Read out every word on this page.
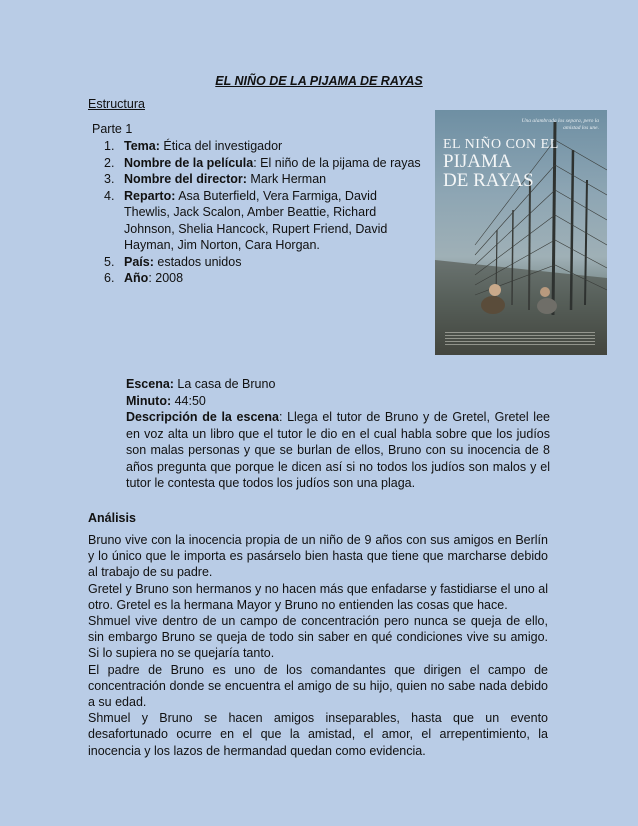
EL NIÑO DE LA PIJAMA DE RAYAS
Estructura
Parte 1
1. Tema: Ética del investigador
2. Nombre de la película: El niño de la pijama de rayas
3. Nombre del director: Mark Herman
4. Reparto: Asa Buterfield, Vera Farmiga, David Thewlis, Jack Scalon, Amber Beattie, Richard Johnson, Shelia Hancock, Rupert Friend, David Hayman, Jim Norton, Cara Horgan.
5. País: estados unidos
6. Año: 2008
Una alambrada los separa, pero la amistad los une.
EL NIÑO CON EL
PIJAMA
DE RAYAS
Escena: La casa de Bruno
Minuto: 44:50
Descripción de la escena: Llega el tutor de Bruno y de Gretel, Gretel lee en voz alta un libro que el tutor le dio en el cual habla sobre que los judíos son malas personas y que se burlan de ellos, Bruno con su inocencia de 8 años pregunta que porque le dicen así si no todos los judíos son malos y el tutor le contesta que todos los judíos son una plaga.
Análisis

Bruno vive con la inocencia propia de un niño de 9 años con sus amigos en Berlín y lo único que le importa es pasárselo bien hasta que tiene que marcharse debido al trabajo de su padre.

Gretel y Bruno son hermanos y no hacen más que enfadarse y fastidiarse el uno al otro. Gretel es la hermana Mayor y Bruno no entienden las cosas que hace.

Shmuel vive dentro de un campo de concentración pero nunca se queja de ello, sin embargo Bruno se queja de todo sin saber en qué condiciones vive su amigo. Si lo supiera no se quejaría tanto.

El padre de Bruno es uno de los comandantes que dirigen el campo de concentración donde se encuentra el amigo de su hijo, quien no sabe nada debido a su edad.

Shmuel y Bruno se hacen amigos inseparables, hasta que un evento desafortunado ocurre en el que la amistad, el amor, el arrepentimiento, la inocencia y los lazos de hermandad quedan como evidencia.
